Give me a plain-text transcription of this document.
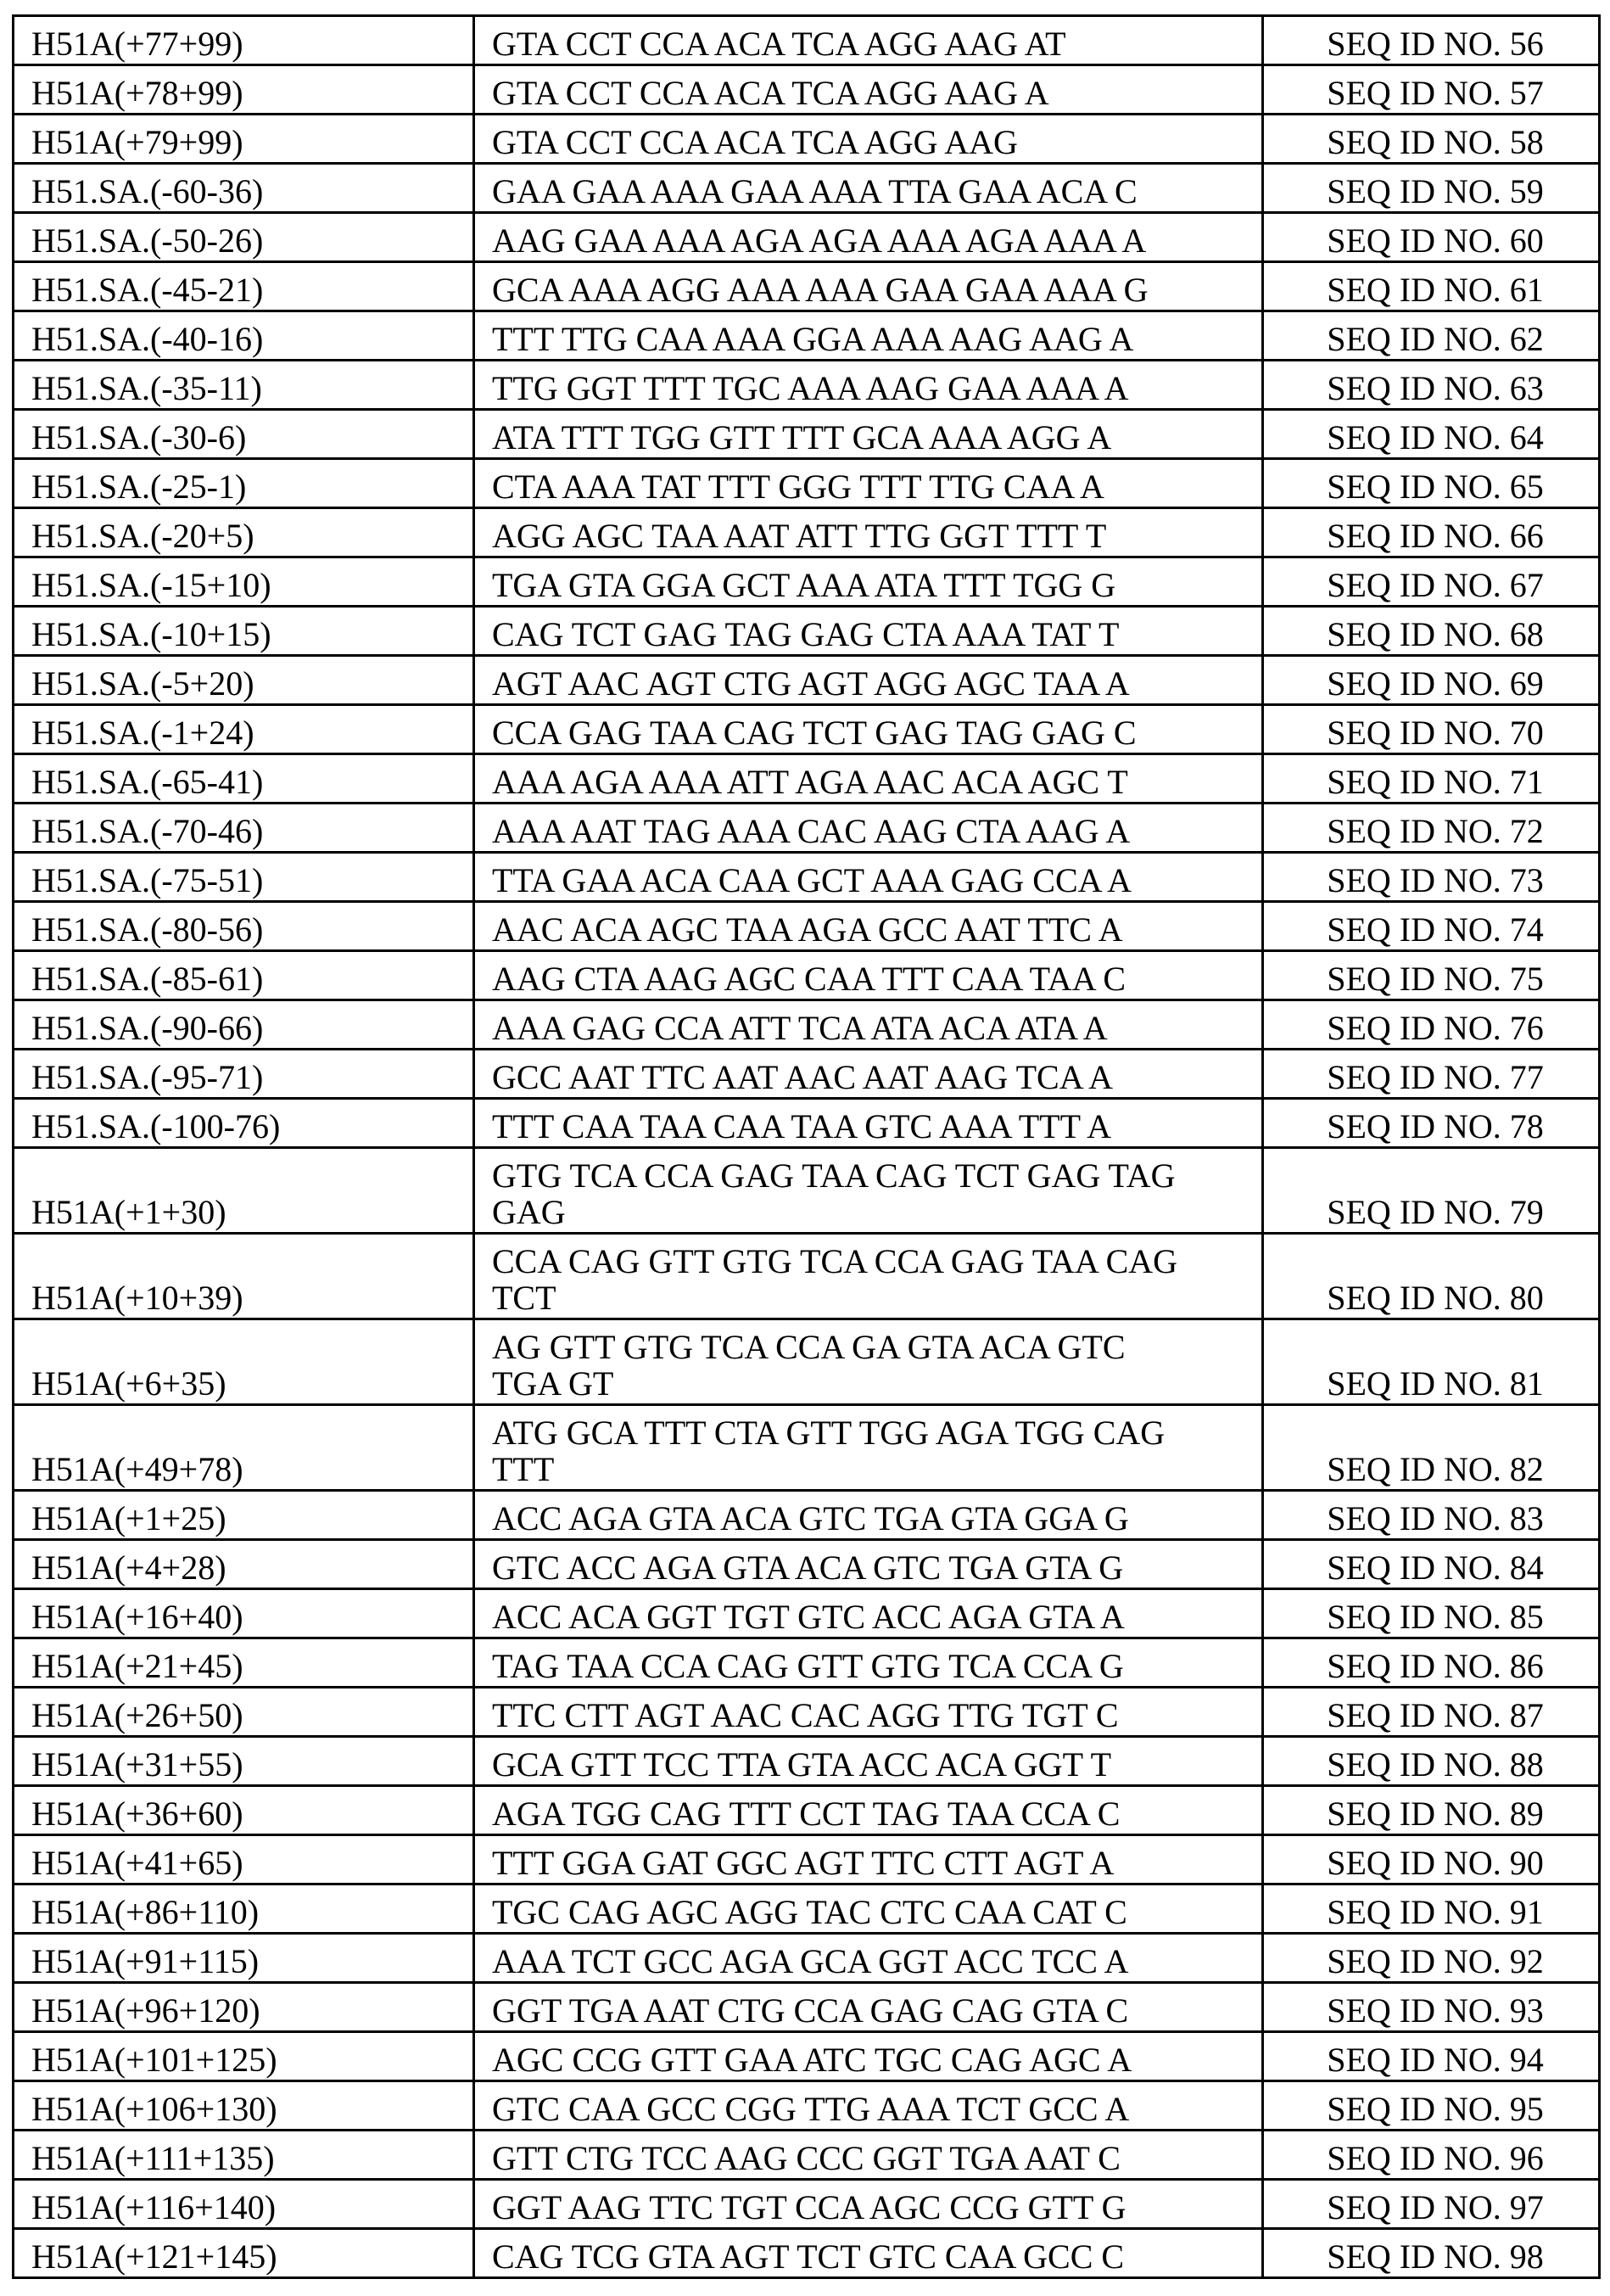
H51A(+77+99)	GTA CCT CCA ACA TCA AGG AAG AT	SEQ ID NO. 56
H51A(+78+99)	GTA CCT CCA ACA TCA AGG AAG A	SEQ ID NO. 57
H51A(+79+99)	GTA CCT CCA ACA TCA AGG AAG	SEQ ID NO. 58
H51.SA.(-60-36)	GAA GAA AAA GAA AAA TTA GAA ACA C	SEQ ID NO. 59
H51.SA.(-50-26)	AAG GAA AAA AGA AGA AAA AGA AAA A	SEQ ID NO. 60
H51.SA.(-45-21)	GCA AAA AGG AAA AAA GAA GAA AAA G	SEQ ID NO. 61
H51.SA.(-40-16)	TTT TTG CAA AAA GGA AAA AAG AAG A	SEQ ID NO. 62
H51.SA.(-35-11)	TTG GGT TTT TGC AAA AAG GAA AAA A	SEQ ID NO. 63
H51.SA.(-30-6)	ATA TTT TGG GTT TTT GCA AAA AGG A	SEQ ID NO. 64
H51.SA.(-25-1)	CTA AAA TAT TTT GGG TTT TTG CAA A	SEQ ID NO. 65
H51.SA.(-20+5)	AGG AGC TAA AAT ATT TTG GGT TTT T	SEQ ID NO. 66
H51.SA.(-15+10)	TGA GTA GGA GCT AAA ATA TTT TGG G	SEQ ID NO. 67
H51.SA.(-10+15)	CAG TCT GAG TAG GAG CTA AAA TAT T	SEQ ID NO. 68
H51.SA.(-5+20)	AGT AAC AGT CTG AGT AGG AGC TAA A	SEQ ID NO. 69
H51.SA.(-1+24)	CCA GAG TAA CAG TCT GAG TAG GAG C	SEQ ID NO. 70
H51.SA.(-65-41)	AAA AGA AAA ATT AGA AAC ACA AGC T	SEQ ID NO. 71
H51.SA.(-70-46)	AAA AAT TAG AAA CAC AAG CTA AAG A	SEQ ID NO. 72
H51.SA.(-75-51)	TTA GAA ACA CAA GCT AAA GAG CCA A	SEQ ID NO. 73
H51.SA.(-80-56)	AAC ACA AGC TAA AGA GCC AAT TTC A	SEQ ID NO. 74
H51.SA.(-85-61)	AAG CTA AAG AGC CAA TTT CAA TAA C	SEQ ID NO. 75
H51.SA.(-90-66)	AAA GAG CCA ATT TCA ATA ACA ATA A	SEQ ID NO. 76
H51.SA.(-95-71)	GCC AAT TTC AAT AAC AAT AAG TCA A	SEQ ID NO. 77
H51.SA.(-100-76)	TTT CAA TAA CAA TAA GTC AAA TTT A	SEQ ID NO. 78
H51A(+1+30)	GTG TCA CCA GAG TAA CAG TCT GAG TAG
GAG	SEQ ID NO. 79
H51A(+10+39)	CCA CAG GTT GTG TCA CCA GAG TAA CAG
TCT	SEQ ID NO. 80
H51A(+6+35)	AG GTT GTG TCA CCA GA GTA ACA GTC
TGA GT	SEQ ID NO. 81
H51A(+49+78)	ATG GCA TTT CTA GTT TGG AGA TGG CAG
TTT	SEQ ID NO. 82
H51A(+1+25)	ACC AGA GTA ACA GTC TGA GTA GGA G	SEQ ID NO. 83
H51A(+4+28)	GTC ACC AGA GTA ACA GTC TGA GTA G	SEQ ID NO. 84
H51A(+16+40)	ACC ACA GGT TGT GTC ACC AGA GTA A	SEQ ID NO. 85
H51A(+21+45)	TAG TAA CCA CAG GTT GTG TCA CCA G	SEQ ID NO. 86
H51A(+26+50)	TTC CTT AGT AAC CAC AGG TTG TGT C	SEQ ID NO. 87
H51A(+31+55)	GCA GTT TCC TTA GTA ACC ACA GGT T	SEQ ID NO. 88
H51A(+36+60)	AGA TGG CAG TTT CCT TAG TAA CCA C	SEQ ID NO. 89
H51A(+41+65)	TTT GGA GAT GGC AGT TTC CTT AGT A	SEQ ID NO. 90
H51A(+86+110)	TGC CAG AGC AGG TAC CTC CAA CAT C	SEQ ID NO. 91
H51A(+91+115)	AAA TCT GCC AGA GCA GGT ACC TCC A	SEQ ID NO. 92
H51A(+96+120)	GGT TGA AAT CTG CCA GAG CAG GTA C	SEQ ID NO. 93
H51A(+101+125)	AGC CCG GTT GAA ATC TGC CAG AGC A	SEQ ID NO. 94
H51A(+106+130)	GTC CAA GCC CGG TTG AAA TCT GCC A	SEQ ID NO. 95
H51A(+111+135)	GTT CTG TCC AAG CCC GGT TGA AAT C	SEQ ID NO. 96
H51A(+116+140)	GGT AAG TTC TGT CCA AGC CCG GTT G	SEQ ID NO. 97
H51A(+121+145)	CAG TCG GTA AGT TCT GTC CAA GCC C	SEQ ID NO. 98
